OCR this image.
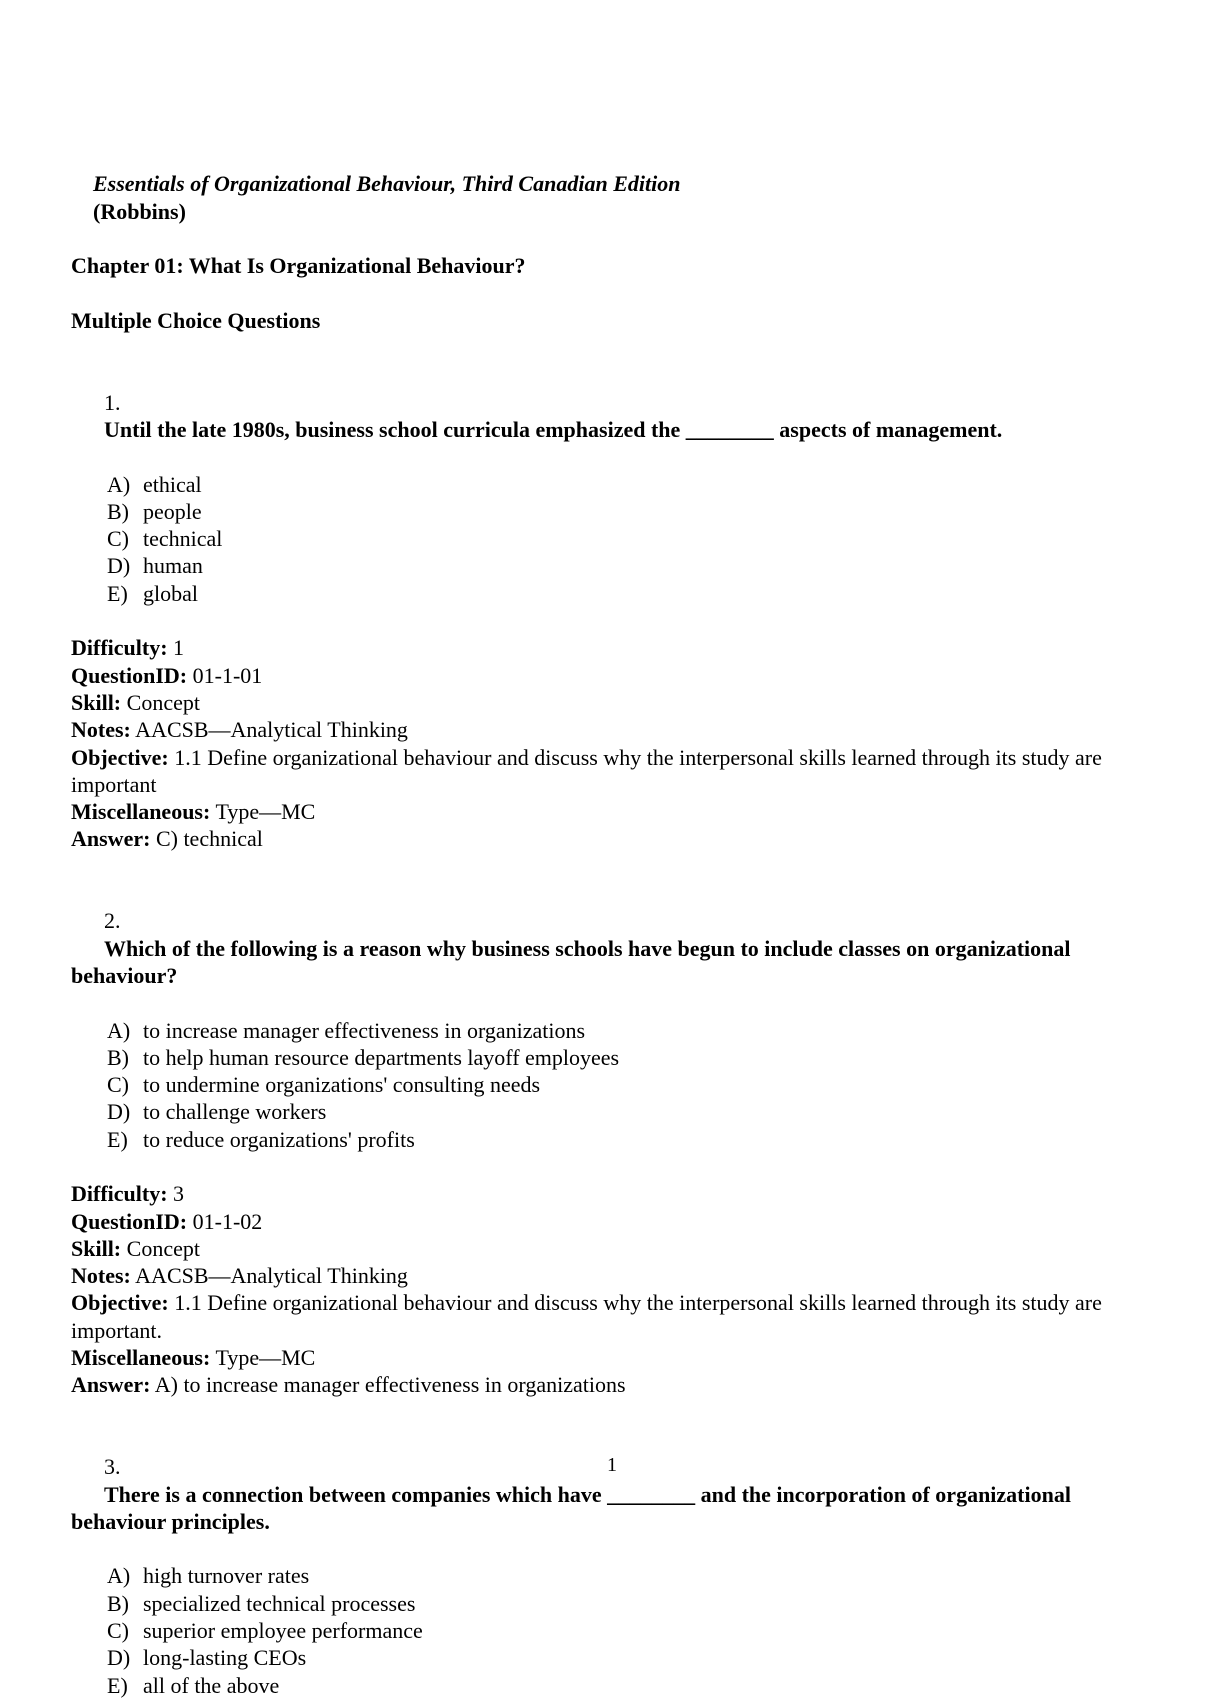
Essentials of Organizational Behaviour, Third Canadian Edition
(Robbins)

Chapter 01: What Is Organizational Behaviour?

Multiple Choice Questions

1.
Until the late 1980s, business school curricula emphasized the ________ aspects of management.

A) ethical
B) people
C) technical
D) human
E) global

Difficulty: 1

QuestionID: 01-1-01

Skill: Concept

Notes: AACSB—Analytical Thinking

Objective: 1.1 Define organizational behaviour and discuss why the interpersonal skills learned through its study are important

Miscellaneous: Type—MC

Answer: C) technical

2.
Which of the following is a reason why business schools have begun to include classes on organizational behaviour?

A) to increase manager effectiveness in organizations
B) to help human resource departments layoff employees
C) to undermine organizations' consulting needs
D) to challenge workers
E) to reduce organizations' profits

Difficulty: 3

QuestionID: 01-1-02

Skill: Concept

Notes: AACSB—Analytical Thinking

Objective: 1.1 Define organizational behaviour and discuss why the interpersonal skills learned through its study are important.

Miscellaneous: Type—MC

Answer: A) to increase manager effectiveness in organizations

3.
There is a connection between companies which have ________ and the incorporation of organizational behaviour principles.

A) high turnover rates
B) specialized technical processes
C) superior employee performance
D) long-lasting CEOs
E) all of the above
1
